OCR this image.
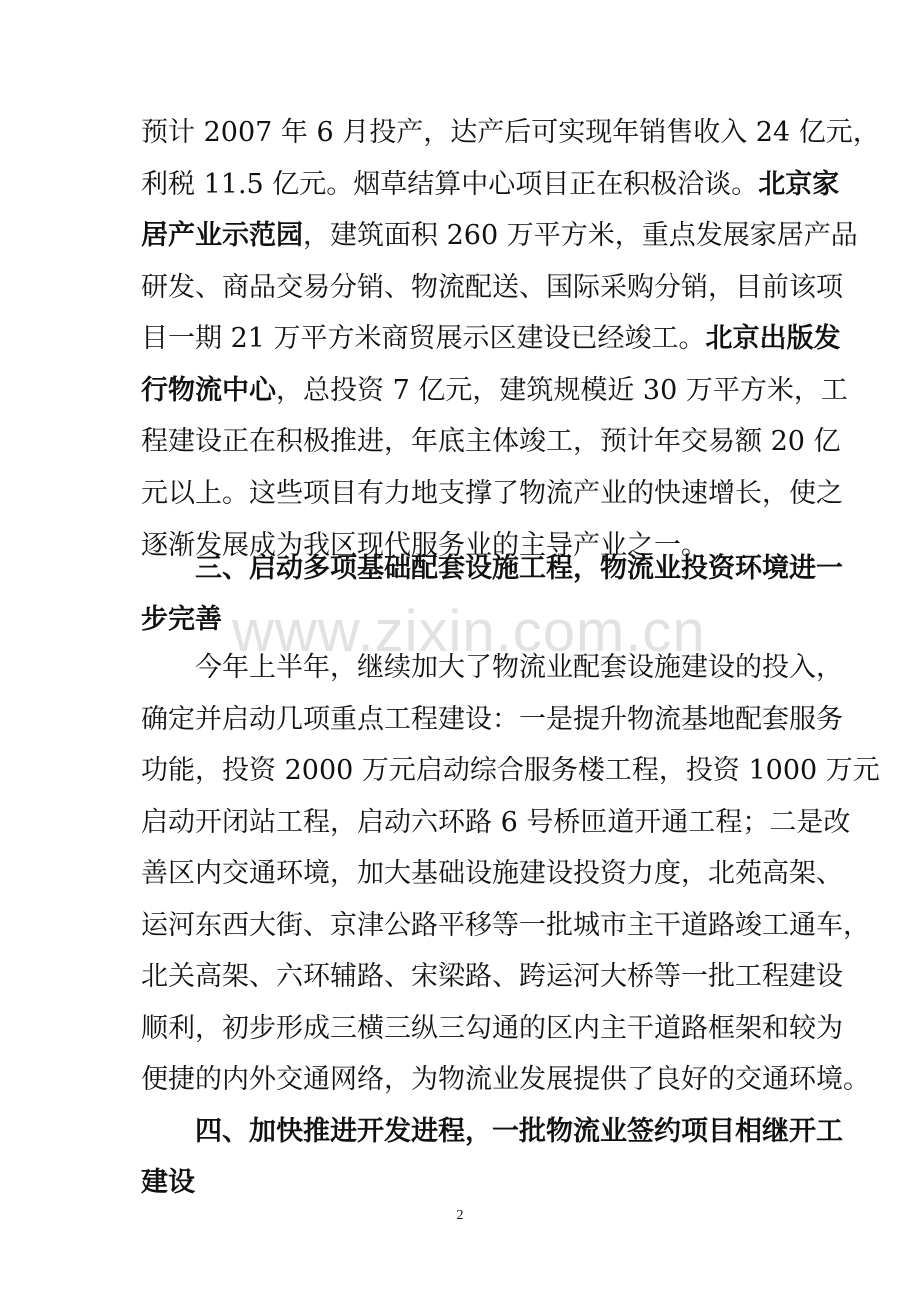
www.zixin.com.cn
预计 2007 年 6 月投产，达产后可实现年销售收入 24 亿元，
利税 11.5 亿元。烟草结算中心项目正在积极洽谈。北京家
居产业示范园，建筑面积 260 万平方米，重点发展家居产品
研发、商品交易分销、物流配送、国际采购分销，目前该项
目一期 21 万平方米商贸展示区建设已经竣工。北京出版发
行物流中心，总投资 7 亿元，建筑规模近 30 万平方米，工
程建设正在积极推进，年底主体竣工，预计年交易额 20 亿
元以上。这些项目有力地支撑了物流产业的快速增长，使之
逐渐发展成为我区现代服务业的主导产业之一。
三、启动多项基础配套设施工程，物流业投资环境进一
步完善
今年上半年，继续加大了物流业配套设施建设的投入，
确定并启动几项重点工程建设：一是提升物流基地配套服务
功能，投资 2000 万元启动综合服务楼工程，投资 1000 万元
启动开闭站工程，启动六环路 6 号桥匝道开通工程；二是改
善区内交通环境，加大基础设施建设投资力度，北苑高架、
运河东西大街、京津公路平移等一批城市主干道路竣工通车，
北关高架、六环辅路、宋梁路、跨运河大桥等一批工程建设
顺利，初步形成三横三纵三勾通的区内主干道路框架和较为
便捷的内外交通网络，为物流业发展提供了良好的交通环境。
四、加快推进开发进程，一批物流业签约项目相继开工
建设
2
